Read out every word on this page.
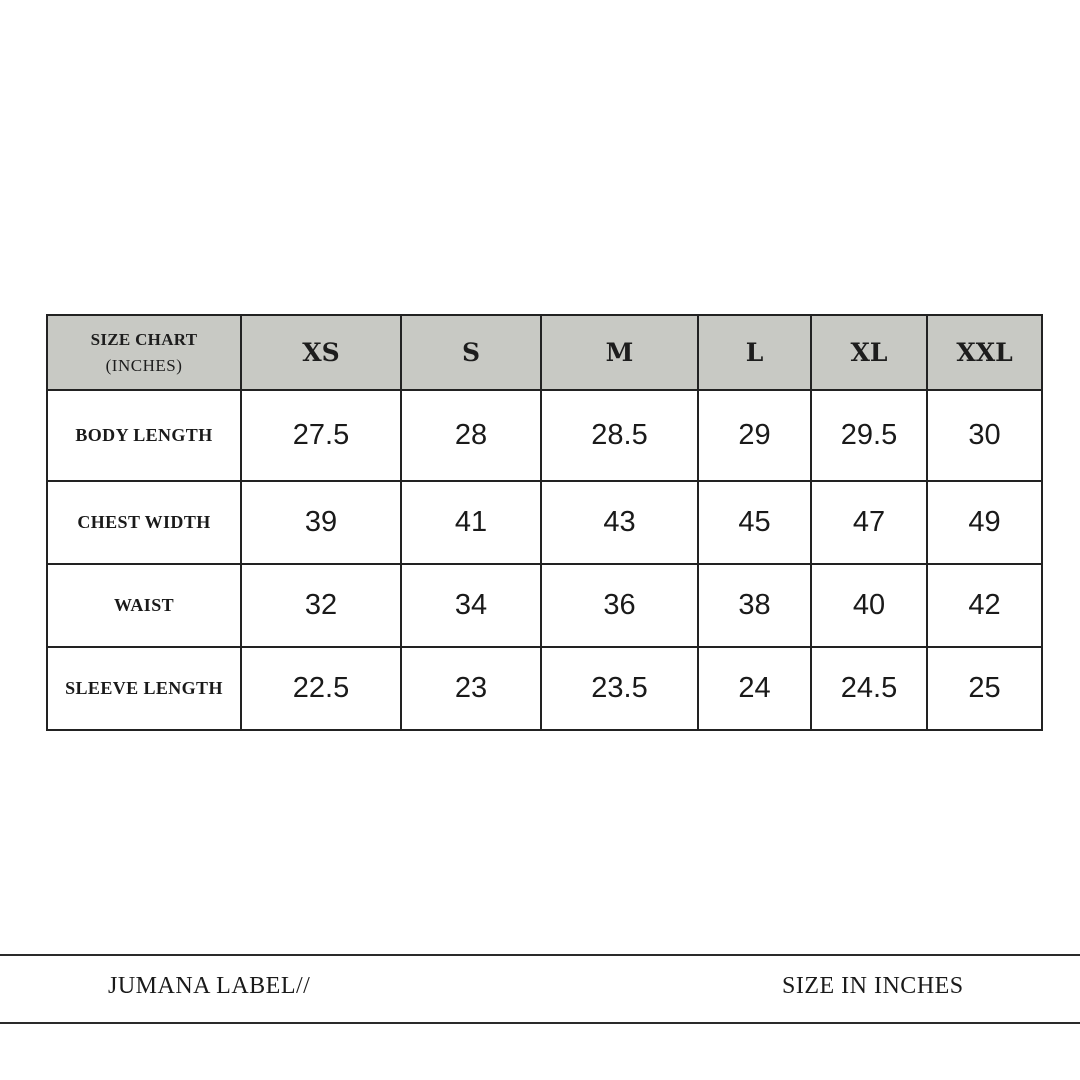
SIZE CHART
(INCHES)	XS	S	M	L	XL	XXL
BODY LENGTH	27.5	28	28.5	29	29.5	30
CHEST WIDTH	39	41	43	45	47	49
WAIST	32	34	36	38	40	42
SLEEVE LENGTH	22.5	23	23.5	24	24.5	25
JUMANA LABEL//	SIZE IN INCHES
